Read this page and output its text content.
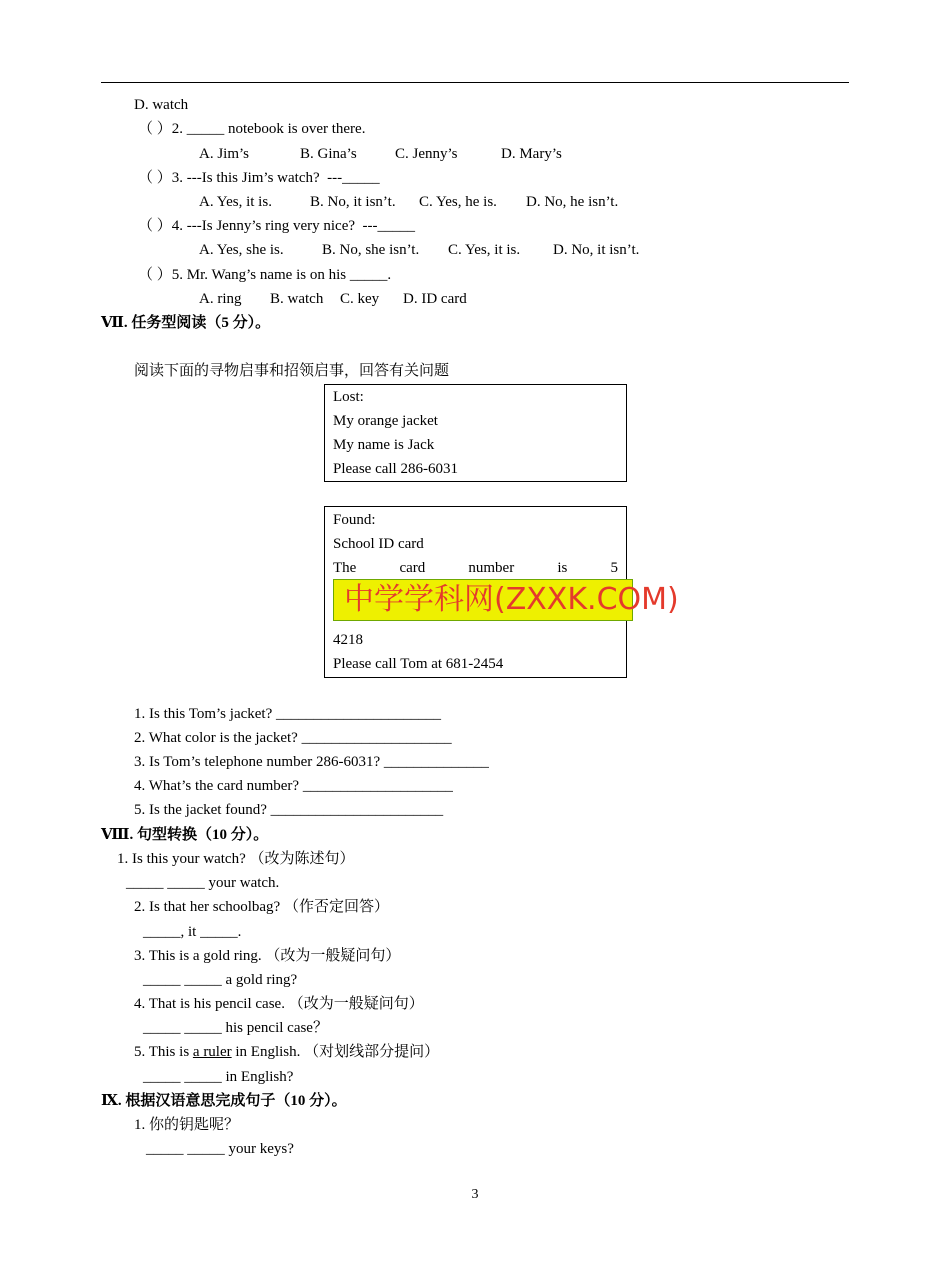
D. watch
（ ）2. _____ notebook is over there.
A. Jim’s	B. Gina’s	C. Jenny’s	D. Mary’s
（ ）3. ---Is this Jim’s watch?  ---_____
A. Yes, it is.	B. No, it isn’t. C. Yes, he is. D. No, he isn’t.
（ ）4. ---Is Jenny’s ring very nice?  ---_____
A. Yes, she is.	B. No, she isn’t. C. Yes, it is. D. No, it isn’t.
（ ）5. Mr. Wang’s name is on his _____.
A. ring B. watch C. key D. ID card
Ⅶ. 任务型阅读（5 分）。
阅读下面的寻物启事和招领启事，回答有关问题
Lost:
My orange jacket
My name is Jack
Please call 286-6031
Found:
School ID card
The	card	number	is	5
中学学科网(ZXXK.COM)
4218
Please call Tom at 681-2454
1. Is this Tom’s jacket? ______________________
2. What color is the jacket? ____________________
3. Is Tom’s telephone number 286-6031? ______________
4. What’s the card number? ____________________
5. Is the jacket found? _______________________
Ⅷ. 句型转换（10 分）。
1. Is this your watch? （改为陈述句）
_____ _____ your watch.
2. Is that her schoolbag? （作否定回答）
_____, it _____.
3. This is a gold ring. （改为一般疑问句）
_____ _____ a gold ring?
4. That is his pencil case. （改为一般疑问句）
_____ _____ his pencil case？
5. This is a ruler in English. （对划线部分提问）
_____ _____ in English?
Ⅸ. 根据汉语意思完成句子（10 分）。
1. 你的钥匙呢？
_____ _____ your keys?
3
